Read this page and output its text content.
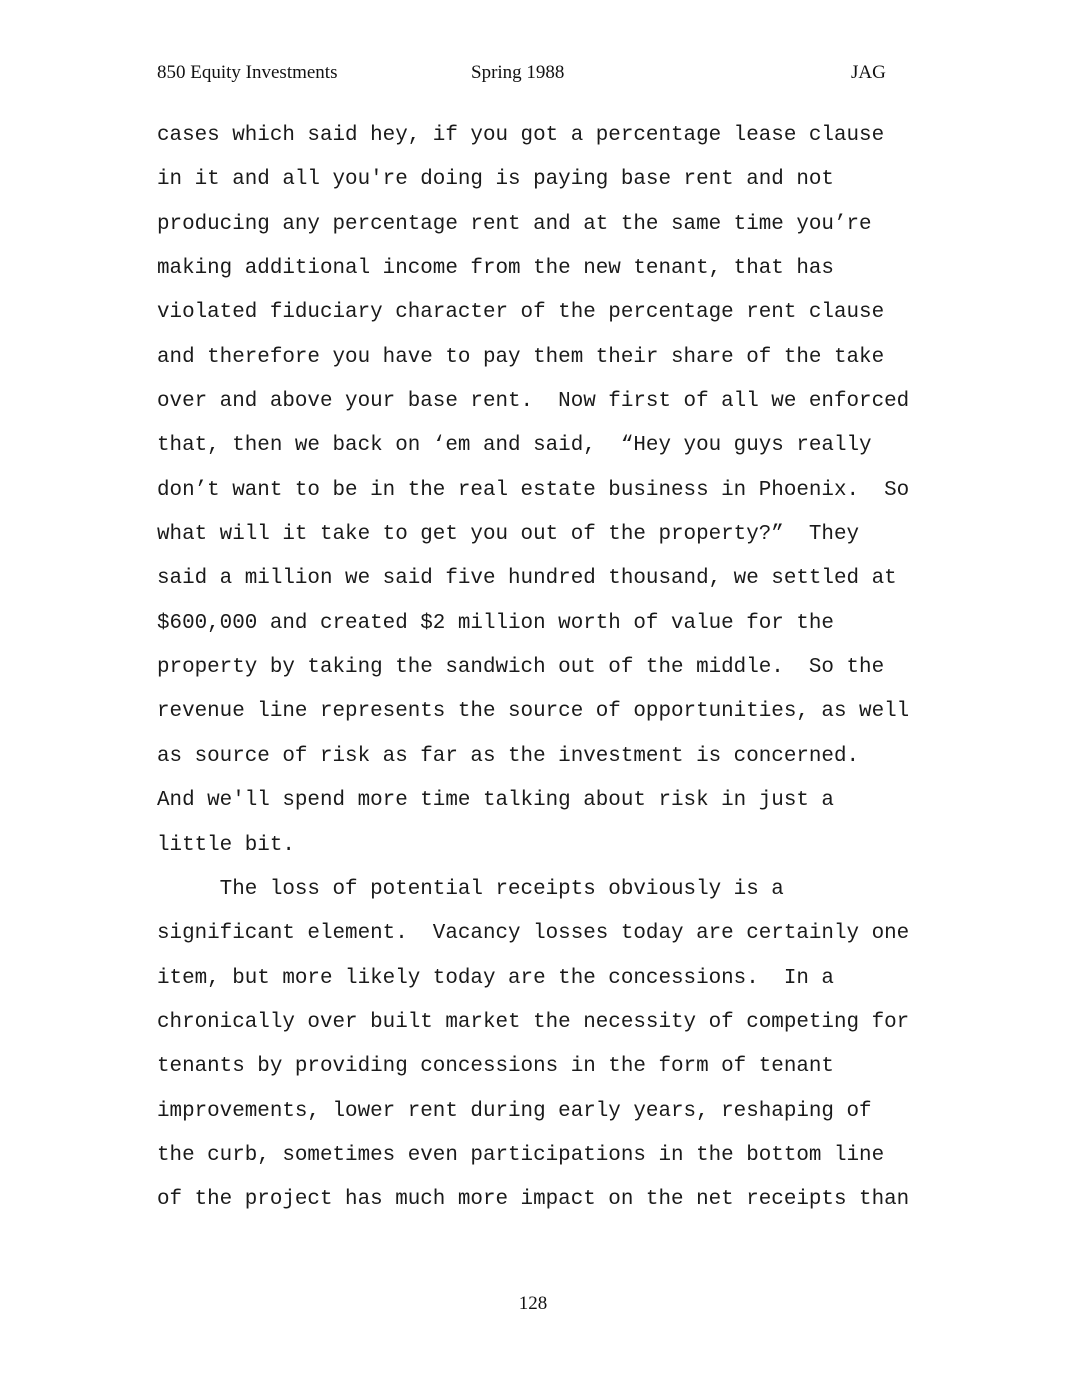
850 Equity Investments	Spring 1988	JAG
cases which said hey, if you got a percentage lease clause
in it and all you're doing is paying base rent and not
producing any percentage rent and at the same time you’re
making additional income from the new tenant, that has
violated fiduciary character of the percentage rent clause
and therefore you have to pay them their share of the take
over and above your base rent.  Now first of all we enforced
that, then we back on ‘em and said,  “Hey you guys really
don’t want to be in the real estate business in Phoenix.  So
what will it take to get you out of the property?”  They
said a million we said five hundred thousand, we settled at
$600,000 and created $2 million worth of value for the
property by taking the sandwich out of the middle.  So the
revenue line represents the source of opportunities, as well
as source of risk as far as the investment is concerned.
And we'll spend more time talking about risk in just a
little bit.
The loss of potential receipts obviously is a
significant element.  Vacancy losses today are certainly one
item, but more likely today are the concessions.  In a
chronically over built market the necessity of competing for
tenants by providing concessions in the form of tenant
improvements, lower rent during early years, reshaping of
the curb, sometimes even participations in the bottom line
of the project has much more impact on the net receipts than
128
